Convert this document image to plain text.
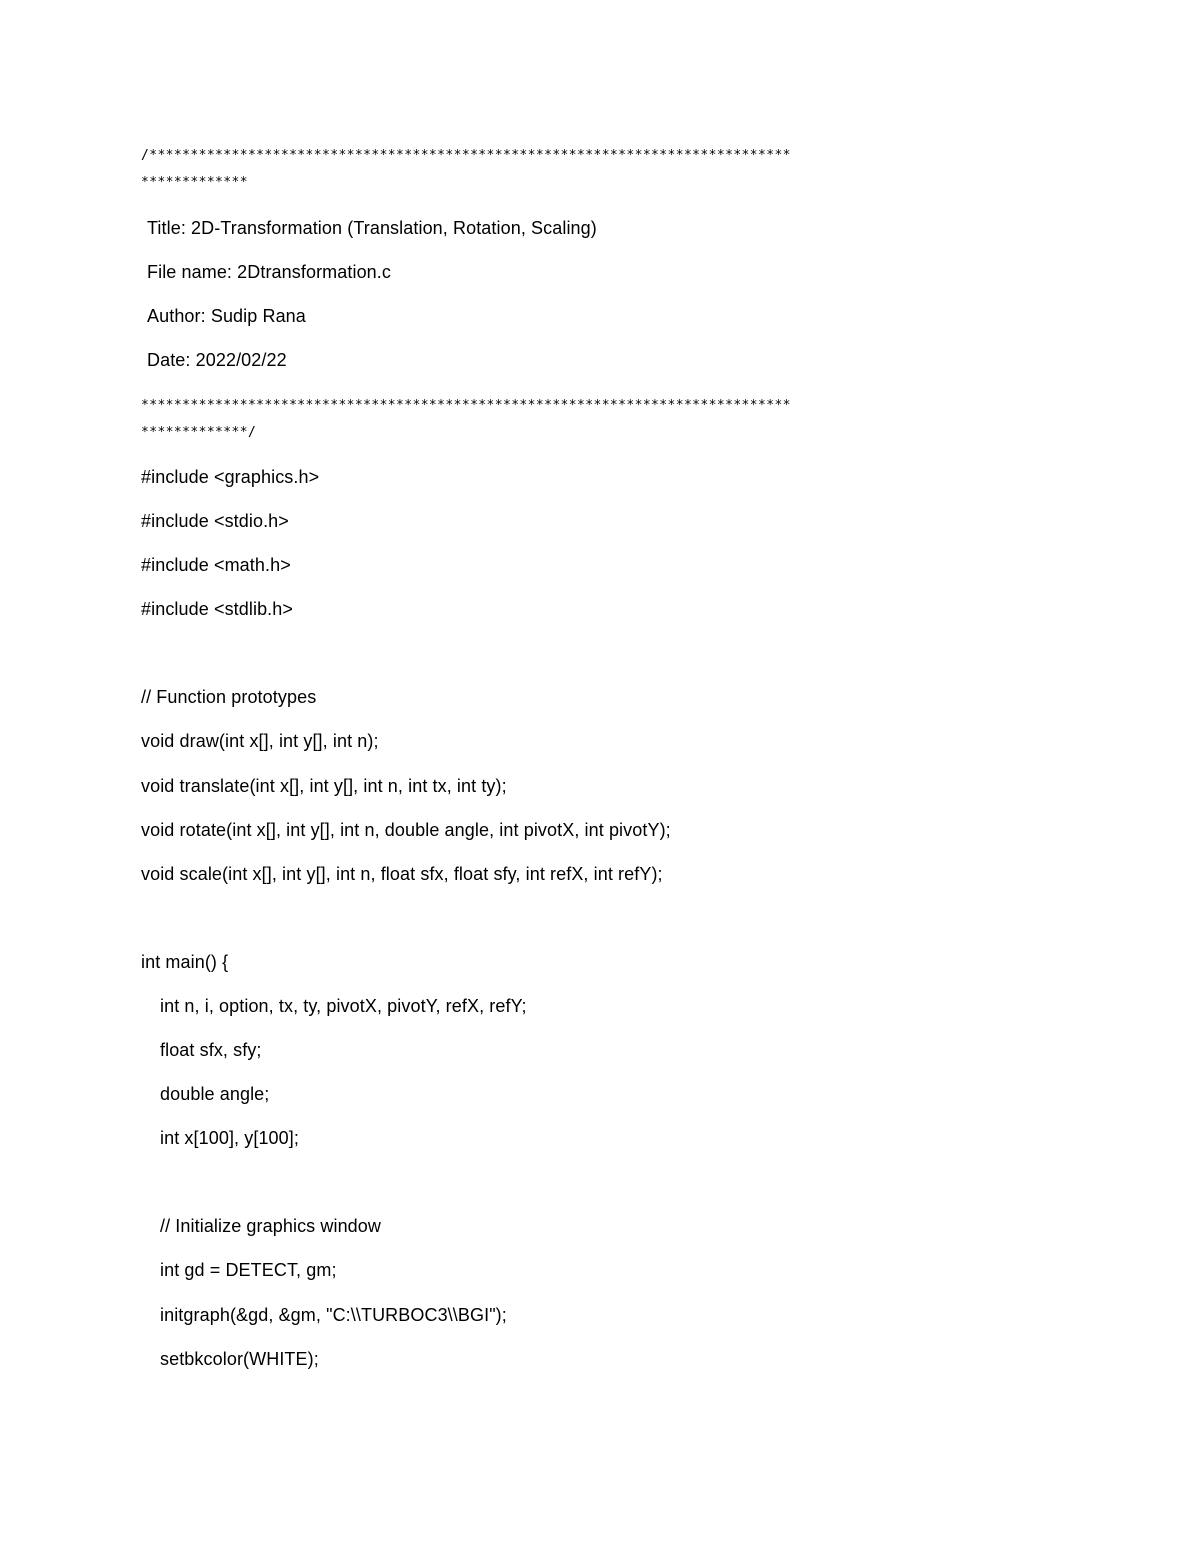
/******************************************************************************
*************
Title: 2D-Transformation (Translation, Rotation, Scaling)
File name: 2Dtransformation.c
Author: Sudip Rana
Date: 2022/02/22
*******************************************************************************
*************/
#include <graphics.h>
#include <stdio.h>
#include <math.h>
#include <stdlib.h>
// Function prototypes
void draw(int x[], int y[], int n);
void translate(int x[], int y[], int n, int tx, int ty);
void rotate(int x[], int y[], int n, double angle, int pivotX, int pivotY);
void scale(int x[], int y[], int n, float sfx, float sfy, int refX, int refY);
int main() {
int n, i, option, tx, ty, pivotX, pivotY, refX, refY;
float sfx, sfy;
double angle;
int x[100], y[100];
// Initialize graphics window
int gd = DETECT, gm;
initgraph(&gd, &gm, "C:\\TURBOC3\\BGI");
setbkcolor(WHITE);
